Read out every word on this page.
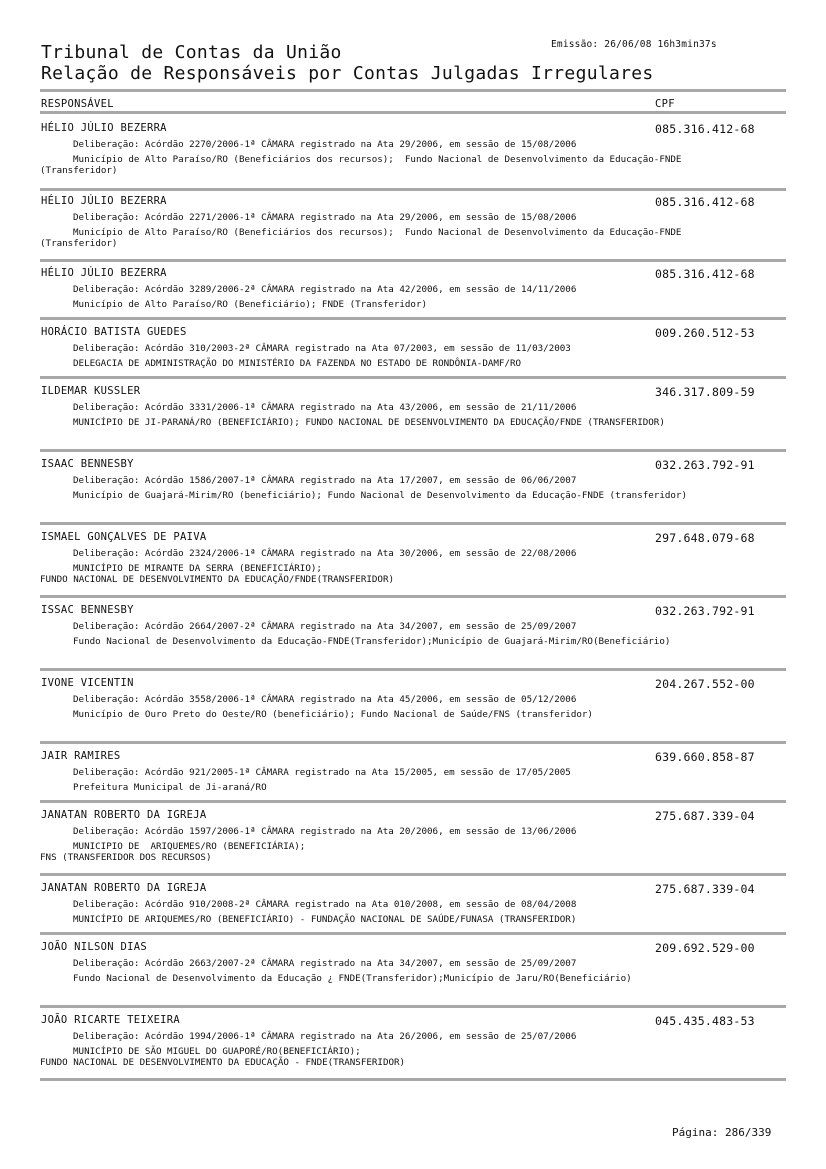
Emissão: 26/06/08 16h3min37s
Tribunal de Contas da União
Relação de Responsáveis por Contas Julgadas Irregulares
RESPONSÁVEL	CPF
HÉLIO JÚLIO BEZERRA	085.316.412-68
Deliberação: Acórdão 2270/2006-1ª CÂMARA registrado na Ata 29/2006, em sessão de 15/08/2006
Município de Alto Paraíso/RO (Beneficiários dos recursos);  Fundo Nacional de Desenvolvimento da Educação-FNDE (Transferidor)
HÉLIO JÚLIO BEZERRA	085.316.412-68
Deliberação: Acórdão 2271/2006-1ª CÂMARA registrado na Ata 29/2006, em sessão de 15/08/2006
Município de Alto Paraíso/RO (Beneficiários dos recursos);  Fundo Nacional de Desenvolvimento da Educação-FNDE (Transferidor)
HÉLIO JÚLIO BEZERRA	085.316.412-68
Deliberação: Acórdão 3289/2006-2ª CÂMARA registrado na Ata 42/2006, em sessão de 14/11/2006
Município de Alto Paraíso/RO (Beneficiário); FNDE (Transferidor)
HORÁCIO BATISTA GUEDES	009.260.512-53
Deliberação: Acórdão 310/2003-2ª CÂMARA registrado na Ata 07/2003, em sessão de 11/03/2003
DELEGACIA DE ADMINISTRAÇÃO DO MINISTÉRIO DA FAZENDA NO ESTADO DE RONDÔNIA-DAMF/RO
ILDEMAR KUSSLER	346.317.809-59
Deliberação: Acórdão 3331/2006-1ª CÂMARA registrado na Ata 43/2006, em sessão de 21/11/2006
MUNICÍPIO DE JI-PARANÁ/RO (BENEFICIÁRIO); FUNDO NACIONAL DE DESENVOLVIMENTO DA EDUCAÇÃO/FNDE (TRANSFERIDOR)
ISAAC BENNESBY	032.263.792-91
Deliberação: Acórdão 1586/2007-1ª CÂMARA registrado na Ata 17/2007, em sessão de 06/06/2007
Município de Guajará-Mirim/RO (beneficiário); Fundo Nacional de Desenvolvimento da Educação-FNDE (transferidor)
ISMAEL GONÇALVES DE PAIVA	297.648.079-68
Deliberação: Acórdão 2324/2006-1ª CÂMARA registrado na Ata 30/2006, em sessão de 22/08/2006
MUNICÍPIO DE MIRANTE DA SERRA (BENEFICIÁRIO);
FUNDO NACIONAL DE DESENVOLVIMENTO DA EDUCAÇÃO/FNDE(TRANSFERIDOR)
ISSAC BENNESBY	032.263.792-91
Deliberação: Acórdão 2664/2007-2ª CÂMARA registrado na Ata 34/2007, em sessão de 25/09/2007
Fundo Nacional de Desenvolvimento da Educação-FNDE(Transferidor);Município de Guajará-Mirim/RO(Beneficiário)
IVONE VICENTIN	204.267.552-00
Deliberação: Acórdão 3558/2006-1ª CÂMARA registrado na Ata 45/2006, em sessão de 05/12/2006
Município de Ouro Preto do Oeste/RO (beneficiário); Fundo Nacional de Saúde/FNS (transferidor)
JAIR RAMIRES	639.660.858-87
Deliberação: Acórdão 921/2005-1ª CÂMARA registrado na Ata 15/2005, em sessão de 17/05/2005
Prefeitura Municipal de Ji-araná/RO
JANATAN ROBERTO DA IGREJA	275.687.339-04
Deliberação: Acórdão 1597/2006-1ª CÂMARA registrado na Ata 20/2006, em sessão de 13/06/2006
MUNICIPIO DE  ARIQUEMES/RO (BENEFICIÁRIA);
FNS (TRANSFERIDOR DOS RECURSOS)
JANATAN ROBERTO DA IGREJA	275.687.339-04
Deliberação: Acórdão 910/2008-2ª CÂMARA registrado na Ata 010/2008, em sessão de 08/04/2008
MUNICÍPIO DE ARIQUEMES/RO (BENEFICIÁRIO) - FUNDAÇÃO NACIONAL DE SAÚDE/FUNASA (TRANSFERIDOR)
JOÃO NILSON DIAS	209.692.529-00
Deliberação: Acórdão 2663/2007-2ª CÂMARA registrado na Ata 34/2007, em sessão de 25/09/2007
Fundo Nacional de Desenvolvimento da Educação ¿ FNDE(Transferidor);Município de Jaru/RO(Beneficiário)
JOÃO RICARTE TEIXEIRA	045.435.483-53
Deliberação: Acórdão 1994/2006-1ª CÂMARA registrado na Ata 26/2006, em sessão de 25/07/2006
MUNICÍPIO DE SÃO MIGUEL DO GUAPORÉ/RO(BENEFICIÁRIO);
FUNDO NACIONAL DE DESENVOLVIMENTO DA EDUCAÇÃO - FNDE(TRANSFERIDOR)
Página: 286/339
